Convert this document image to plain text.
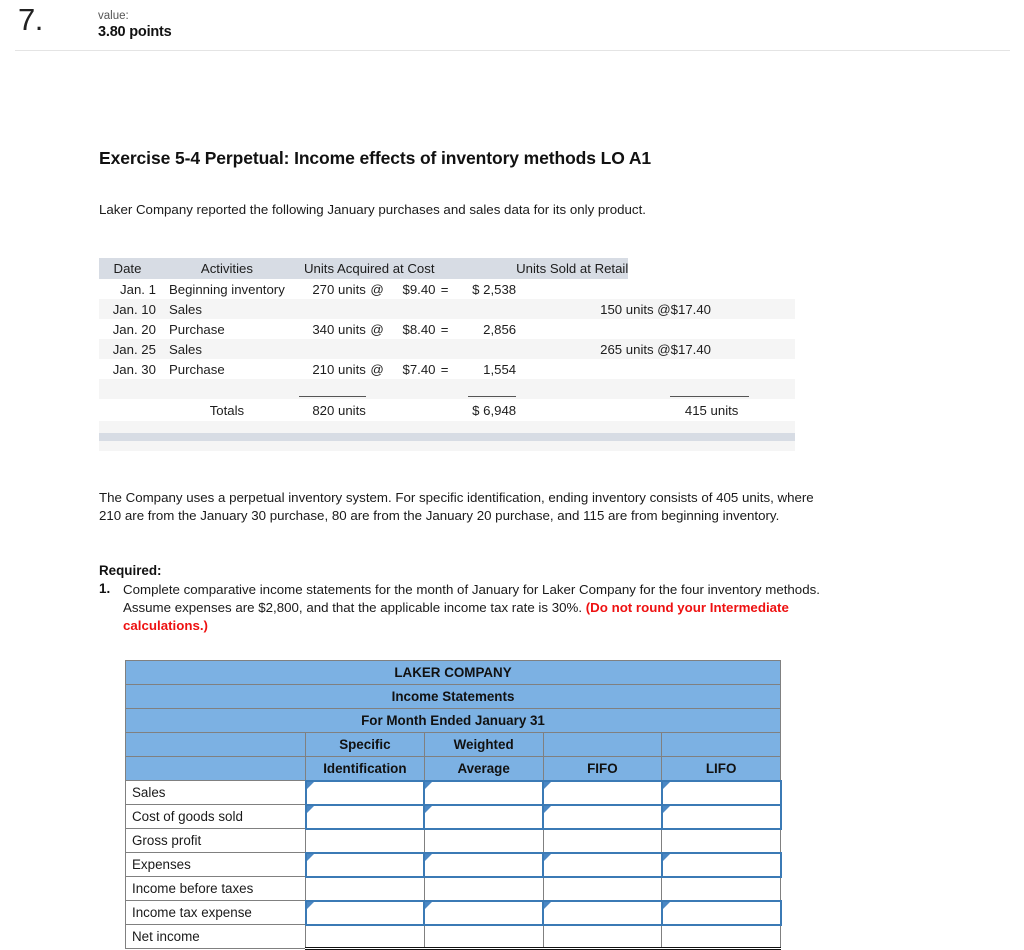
7.	value:
3.80 points
Exercise 5-4 Perpetual: Income effects of inventory methods LO A1
Laker Company reported the following January purchases and sales data for its only product.
Date	Activities	Units Acquired at Cost					Units Sold at Retail	
Jan. 1	Beginning inventory	270 units	@	$9.40	=	$ 2,538		
Jan. 10	Sales						150 units @$17.40	
Jan. 20	Purchase	340 units	@	$8.40	=	2,856		
Jan. 25	Sales						265 units @$17.40	
Jan. 30	Purchase	210 units	@	$7.40	=	1,554		

	Totals	820 units				$ 6,948		415 units

The Company uses a perpetual inventory system. For specific identification, ending inventory consists of 405 units, where 210 are from the January 30 purchase, 80 are from the January 20 purchase, and 115 are from beginning inventory.
Required:
1. Complete comparative income statements for the month of January for Laker Company for the four inventory methods. Assume expenses are $2,800, and that the applicable income tax rate is 30%. (Do not round your Intermediate calculations.)
LAKER COMPANY				
Income Statements				
For Month Ended January 31				
	Specific	Weighted		
	Identification	Average	FIFO	LIFO
Sales	

Cost of goods sold	

Gross profit				
Expenses	

Income before taxes				
Income tax expense	

Net income				
